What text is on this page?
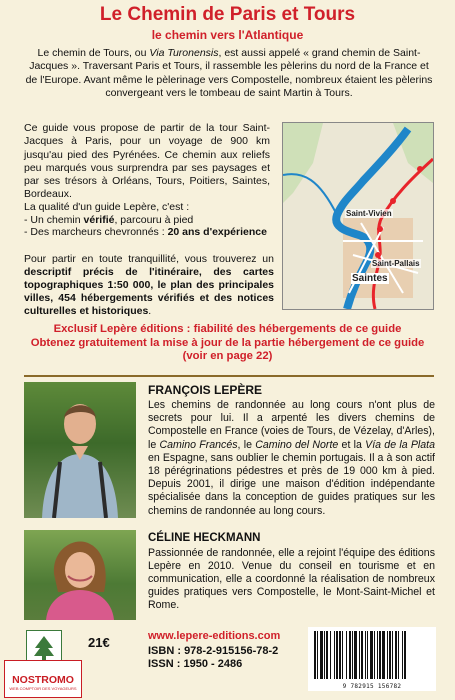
Le Chemin de Paris et Tours
le chemin vers l'Atlantique
Le chemin de Tours, ou Via Turonensis, est aussi appelé « grand chemin de Saint-Jacques ». Traversant Paris et Tours, il rassemble les pèlerins du nord de la France et de l'Europe. Avant même le pèlerinage vers Compostelle, nombreux étaient les pèlerins convergeant vers le tombeau de saint Martin à Tours.
Ce guide vous propose de partir de la tour Saint-Jacques à Paris, pour un voyage de 900 km jusqu'au pied des Pyrénées. Ce chemin aux reliefs peu marqués vous surprendra par ses paysages et par ses trésors à Orléans, Tours, Poitiers, Saintes, Bordeaux.
La qualité d'un guide Lepère, c'est :
- Un chemin vérifié, parcouru à pied
- Des marcheurs chevronnés : 20 ans d'expérience
Pour partir en toute tranquillité, vous trouverez un descriptif précis de l'itinéraire, des cartes topographiques 1:50 000, le plan des principales villes, 454 hébergements vérifiés et des notices culturelles et historiques.
Saint-Vivien
Saint-Pallais
Saintes
Exclusif Lepère éditions : fiabilité des hébergements de ce guide
Obtenez gratuitement la mise à jour de la partie hébergement de ce guide (voir en page 22)
FRANÇOIS LEPÈRE
Les chemins de randonnée au long cours n'ont plus de secrets pour lui. Il a arpenté les divers chemins de Compostelle en France (voies de Tours, de Vézelay, d'Arles), le Camino Francés, le Camino del Norte et la Vía de la Plata en Espagne, sans oublier le chemin portugais. Il a à son actif 18 pérégrinations pédestres et près de 19 000 km à pied. Depuis 2001, il dirige une maison d'édition indépendante spécialisée dans la conception de guides pratiques sur les chemins de randonnée au long cours.
CÉLINE HECKMANN
Passionnée de randonnée, elle a rejoint l'équipe des éditions Lepère en 2010. Venue du conseil en tourisme et en communication, elle a coordonné la réalisation de nombreux guides pratiques vers Compostelle, le Mont-Saint-Michel et Rome.
21€	www.lepere-editions.com
ISBN : 978-2-915156-78-2
ISSN : 1950 - 2486
9 782915 156782
NOSTROMO
WEB COMPTOIR DES VOYAGEURS
